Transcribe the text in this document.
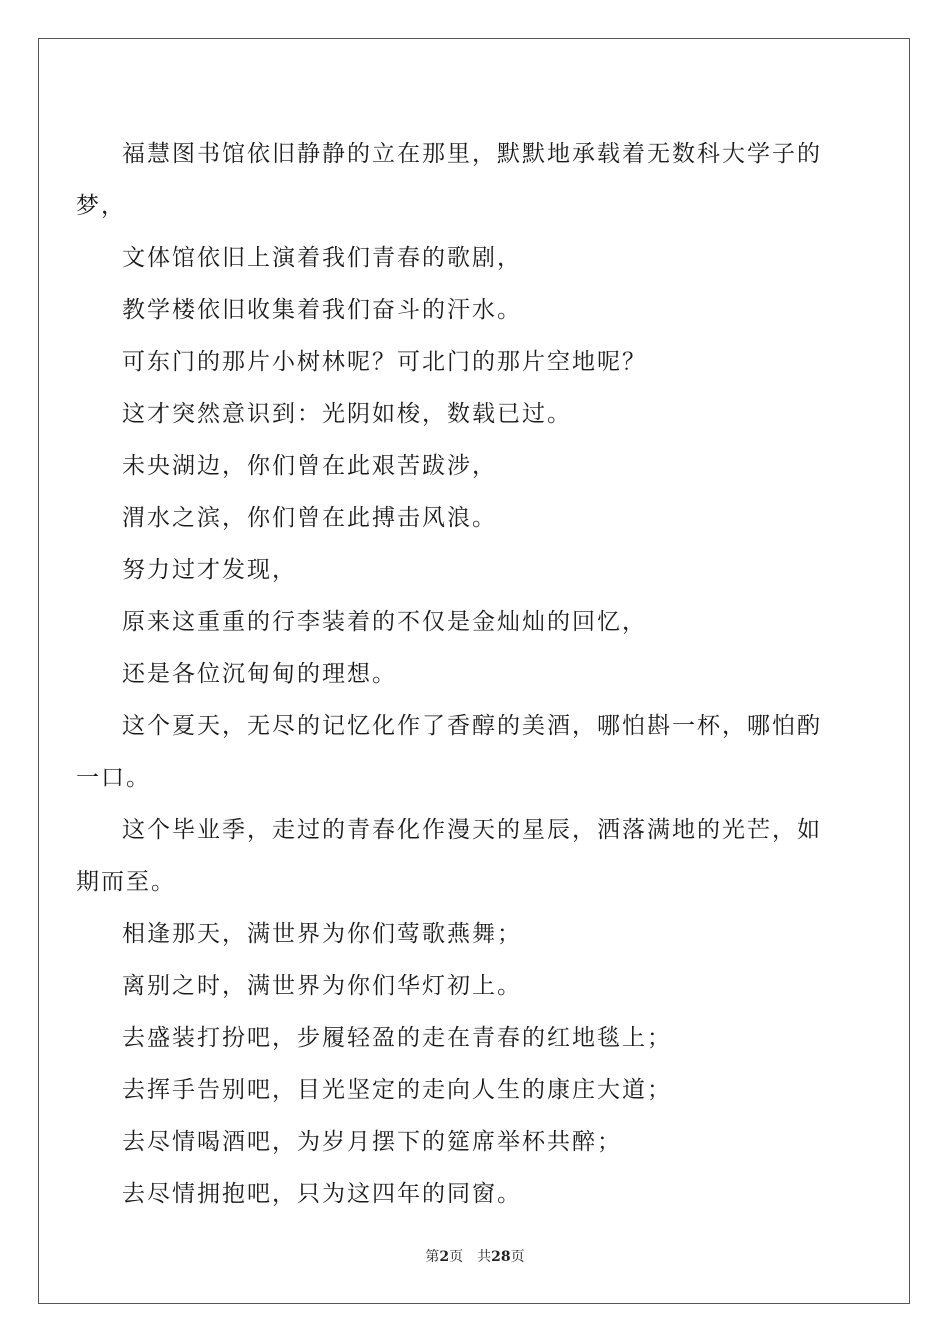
福慧图书馆依旧静静的立在那里，默默地承载着无数科大学子的梦，

文体馆依旧上演着我们青春的歌剧，

教学楼依旧收集着我们奋斗的汗水。

可东门的那片小树林呢？可北门的那片空地呢？

这才突然意识到：光阴如梭，数载已过。

未央湖边，你们曾在此艰苦跋涉，

渭水之滨，你们曾在此搏击风浪。

努力过才发现，

原来这重重的行李装着的不仅是金灿灿的回忆，

还是各位沉甸甸的理想。

这个夏天，无尽的记忆化作了香醇的美酒，哪怕斟一杯，哪怕酌一口。

这个毕业季，走过的青春化作漫天的星辰，洒落满地的光芒，如期而至。

相逢那天，满世界为你们莺歌燕舞；

离别之时，满世界为你们华灯初上。

去盛装打扮吧，步履轻盈的走在青春的红地毯上；

去挥手告别吧，目光坚定的走向人生的康庄大道；

去尽情喝酒吧，为岁月摆下的筵席举杯共醉；

去尽情拥抱吧，只为这四年的同窗。

第2页 共28页
